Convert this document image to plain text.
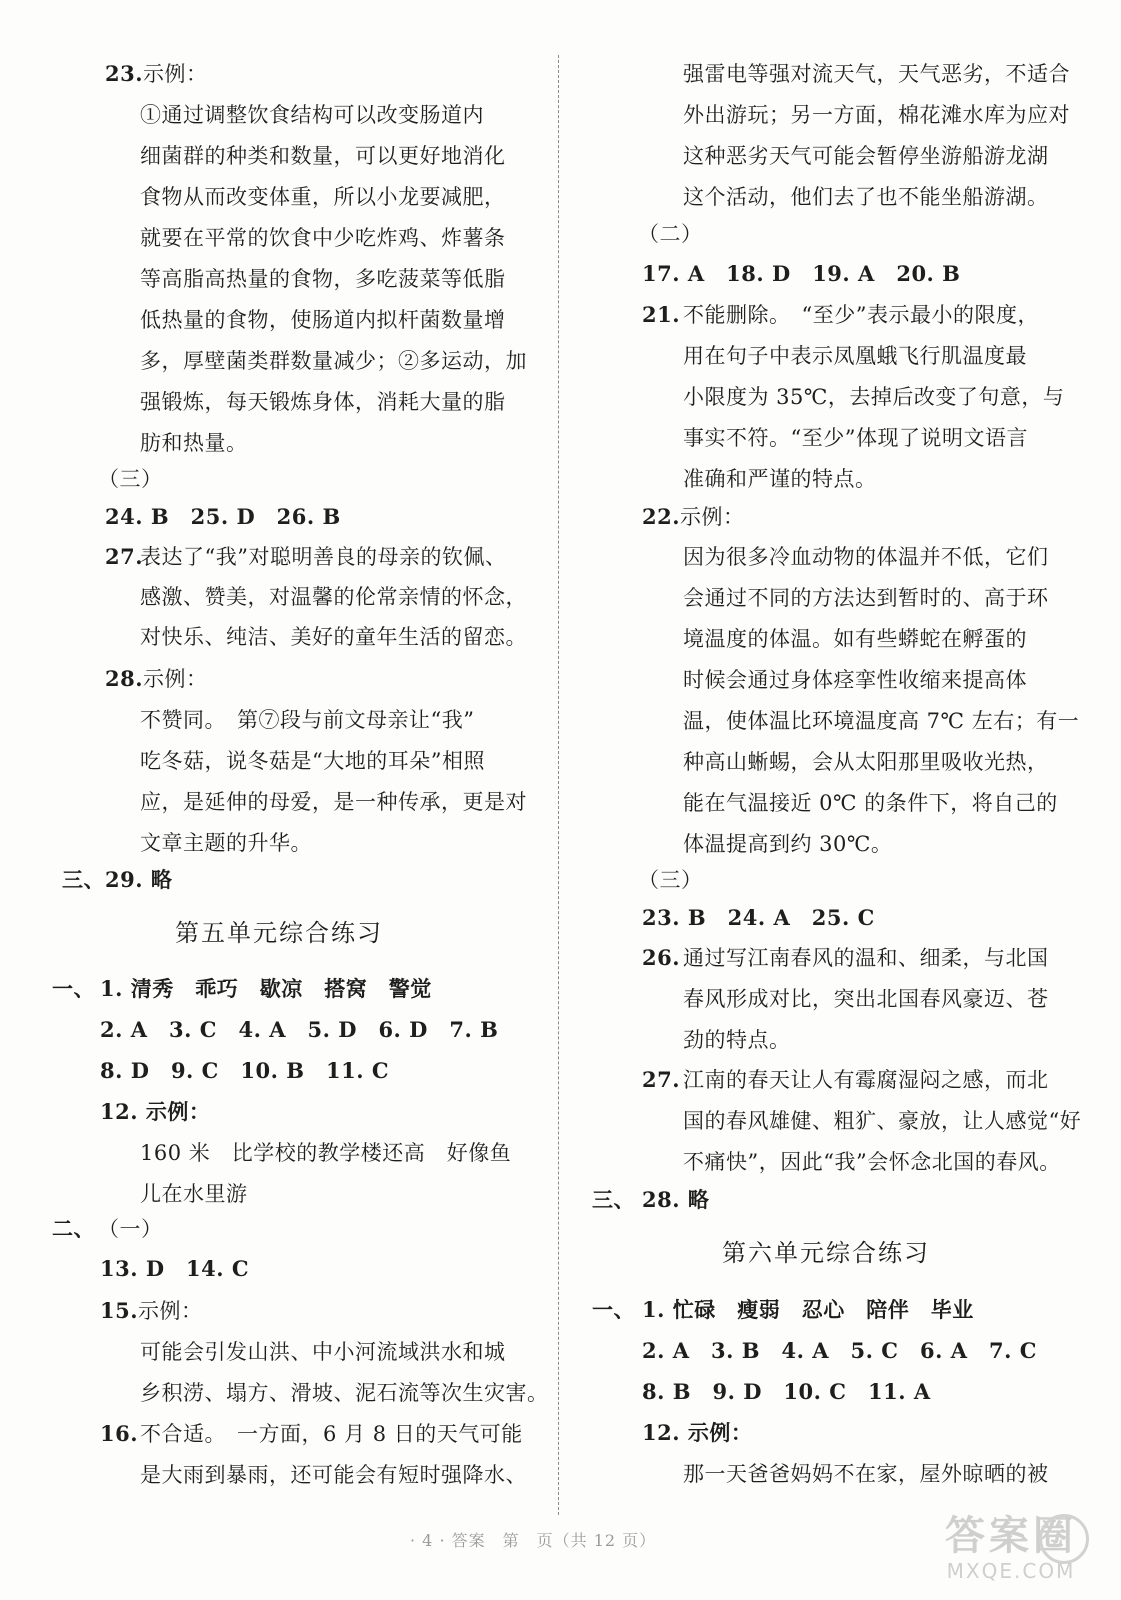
23.示例：
①通过调整饮食结构可以改变肠道内
细菌群的种类和数量，可以更好地消化
食物从而改变体重，所以小龙要减肥，
就要在平常的饮食中少吃炸鸡、炸薯条
等高脂高热量的食物，多吃菠菜等低脂
低热量的食物，使肠道内拟杆菌数量增
多，厚壁菌类群数量减少；②多运动，加
强锻炼，每天锻炼身体，消耗大量的脂
肪和热量。
（三）
24. B　25. D　26. B
27.
表达了“我”对聪明善良的母亲的钦佩、
感激、赞美，对温馨的伦常亲情的怀念，
对快乐、纯洁、美好的童年生活的留恋。
28.示例：
不赞同。　第⑦段与前文母亲让“我”
吃冬菇，说冬菇是“大地的耳朵”相照
应，是延伸的母爱，是一种传承，更是对
文章主题的升华。
三、 29. 略
第五单元综合练习
一、 1. 清秀　乖巧　歇凉　搭窝　警觉
2. A　3. C　4. A　5. D　6. D　7. B
8. D　9. C　10. B　11. C
12. 示例：
160 米　比学校的教学楼还高　好像鱼
儿在水里游
二、 （一）
13. D　14. C
15.示例：
可能会引发山洪、中小河流域洪水和城
乡积涝、塌方、滑坡、泥石流等次生灾害。
16. 不合适。　一方面，6 月 8 日的天气可能
是大雨到暴雨，还可能会有短时强降水、
强雷电等强对流天气，天气恶劣，不适合
外出游玩；另一方面，棉花滩水库为应对
这种恶劣天气可能会暂停坐游船游龙湖
这个活动，他们去了也不能坐船游湖。
（二）
17. A　18. D　19. A　20. B
21. 不能删除。　“至少”表示最小的限度，
用在句子中表示凤凰蛾飞行肌温度最
小限度为 35℃，去掉后改变了句意，与
事实不符。“至少”体现了说明文语言
准确和严谨的特点。
22.示例：
因为很多冷血动物的体温并不低，它们
会通过不同的方法达到暂时的、高于环
境温度的体温。如有些蟒蛇在孵蛋的
时候会通过身体痉挛性收缩来提高体
温，使体温比环境温度高 7℃ 左右；有一
种高山蜥蜴，会从太阳那里吸收光热，
能在气温接近 0℃ 的条件下，将自己的
体温提高到约 30℃。
（三）
23. B　24. A　25. C
26. 通过写江南春风的温和、细柔，与北国
春风形成对比，突出北国春风豪迈、苍
劲的特点。
27. 江南的春天让人有霉腐湿闷之感，而北
国的春风雄健、粗犷、豪放，让人感觉“好
不痛快”，因此“我”会怀念北国的春风。
三、 28. 略
第六单元综合练习
一、 1. 忙碌　瘦弱　忍心　陪伴　毕业
2. A　3. B　4. A　5. C　6. A　7. C
8. B　9. D　10. C　11. A
12. 示例：
那一天爸爸妈妈不在家，屋外晾晒的被
· 4 · 答案　第　页（共 12 页）	答案圈
MXQE.COM
